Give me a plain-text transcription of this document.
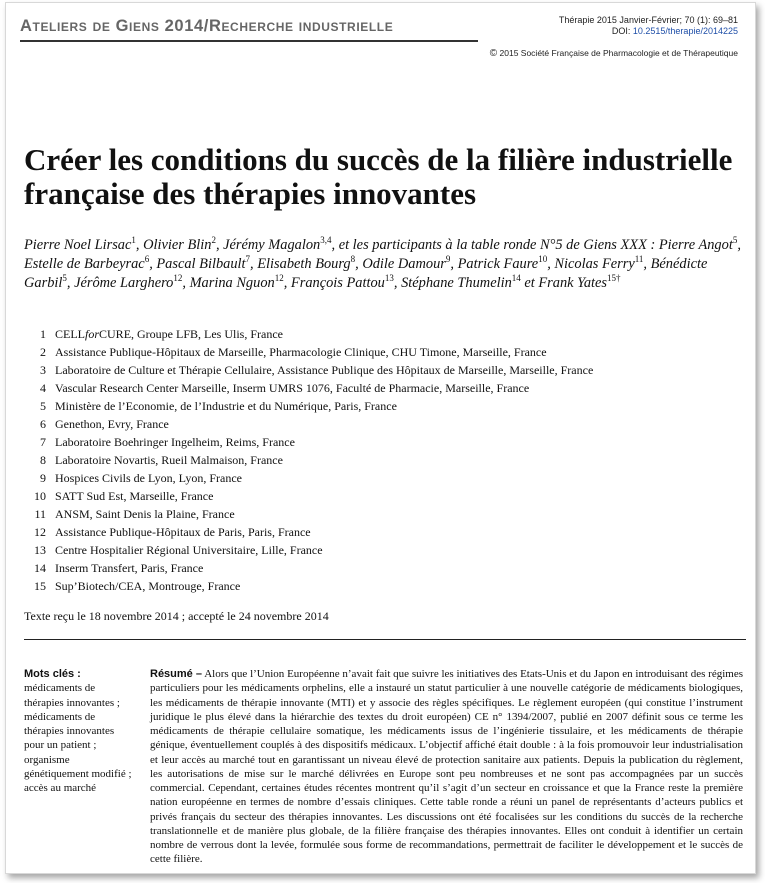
Ateliers de Giens 2014/Recherche industrielle	Thérapie 2015 Janvier-Février; 70 (1): 69–81
DOI: 10.2515/therapie/2014225
© 2015 Société Française de Pharmacologie et de Thérapeutique
Créer les conditions du succès de la filière industrielle française des thérapies innovantes

Pierre Noel Lirsac$^1$, Olivier Blin$^2$, Jérémy Magalon$^{3,4}$, et les participants à la table ronde N°5 de Giens XXX : Pierre Angot$^5$, Estelle de Barbeyrac$^6$, Pascal Bilbault$^7$, Elisabeth Bourg$^8$, Odile Damour$^9$, Patrick Faure$^{10}$, Nicolas Ferry$^{11}$, Bénédicte Garbil$^5$, Jérôme Larghero$^{12}$, Marina Nguon$^{12}$, François Pattou$^{13}$, Stéphane Thumelin$^{14}$ et Frank Yates$^{15\dagger}$

1 CELLforCURE, Groupe LFB, Les Ulis, France
2 Assistance Publique-Hôpitaux de Marseille, Pharmacologie Clinique, CHU Timone, Marseille, France
3 Laboratoire de Culture et Thérapie Cellulaire, Assistance Publique des Hôpitaux de Marseille, Marseille, France
4 Vascular Research Center Marseille, Inserm UMRS 1076, Faculté de Pharmacie, Marseille, France
5 Ministère de l’Economie, de l’Industrie et du Numérique, Paris, France
6 Genethon, Evry, France
7 Laboratoire Boehringer Ingelheim, Reims, France
8 Laboratoire Novartis, Rueil Malmaison, France
9 Hospices Civils de Lyon, Lyon, France
10 SATT Sud Est, Marseille, France
11 ANSM, Saint Denis la Plaine, France
12 Assistance Publique-Hôpitaux de Paris, Paris, France
13 Centre Hospitalier Régional Universitaire, Lille, France
14 Inserm Transfert, Paris, France
15 Sup’Biotech/CEA, Montrouge, France
Texte reçu le 18 novembre 2014 ; accepté le 24 novembre 2014
Mots clés :
médicaments de thérapies innovantes ; médicaments de thérapies innovantes pour un patient ; organisme génétiquement modifié ; accès au marché

Résumé – Alors que l’Union Européenne n’avait fait que suivre les initiatives des Etats-Unis et du Japon en introduisant des régimes particuliers pour les médicaments orphelins, elle a instauré un statut particulier à une nouvelle catégorie de médicaments biologiques, les médicaments de thérapie innovante (MTI) et y associe des règles spécifiques. Le règlement européen (qui constitue l’instrument juridique le plus élevé dans la hiérarchie des textes du droit européen) CE n° 1394/2007, publié en 2007 définit sous ce terme les médicaments de thérapie cellulaire somatique, les médicaments issus de l’ingénierie tissulaire, et les médicaments de thérapie génique, éventuellement couplés à des dispositifs médicaux. L’objectif affiché était double : à la fois promouvoir leur industrialisation et leur accès au marché tout en garantissant un niveau élevé de protection sanitaire aux patients. Depuis la publication du règlement, les autorisations de mise sur le marché délivrées en Europe sont peu nombreuses et ne sont pas accompagnées par un succès commercial. Cependant, certaines études récentes montrent qu’il s’agit d’un secteur en croissance et que la France reste la première nation européenne en termes de nombre d’essais cliniques. Cette table ronde a réuni un panel de représentants d’acteurs publics et privés français du secteur des thérapies innovantes. Les discussions ont été focalisées sur les conditions du succès de la recherche translationnelle et de manière plus globale, de la filière française des thérapies innovantes. Elles ont conduit à identifier un certain nombre de verrous dont la levée, formulée sous forme de recommandations, permettrait de faciliter le développement et le succès de cette filière.
